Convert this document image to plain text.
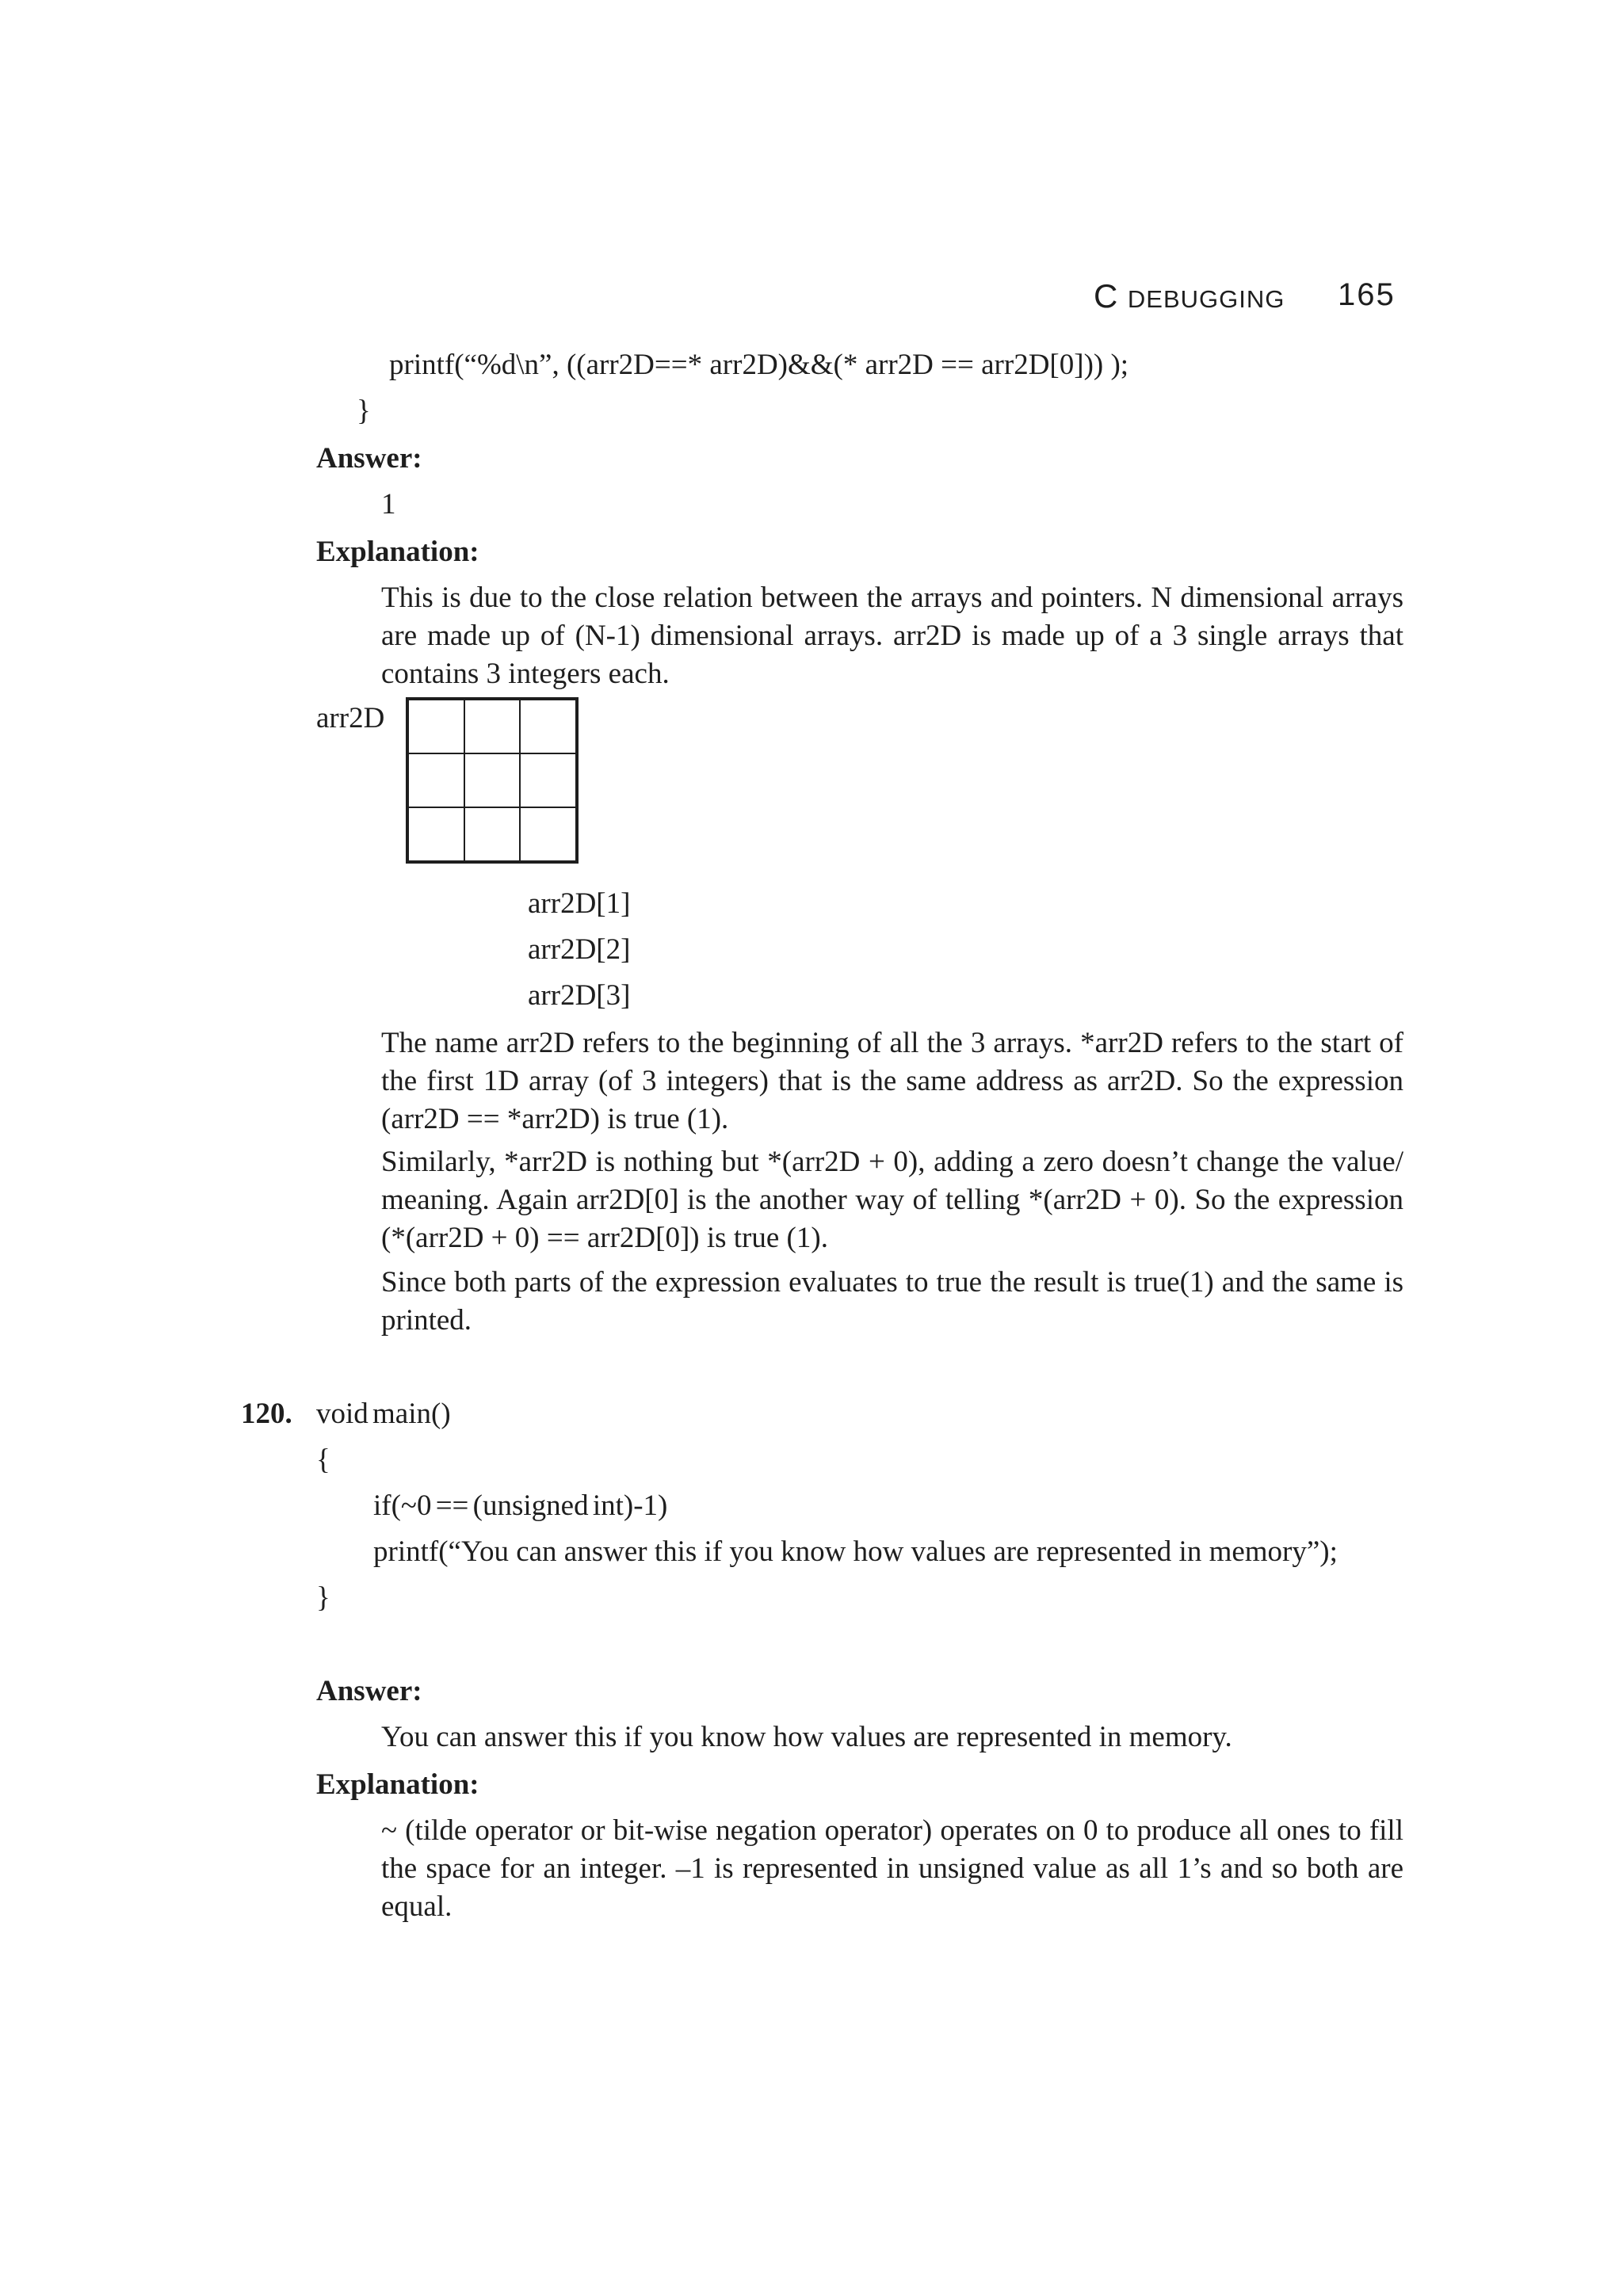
C DEBUGGING 165
printf(“%d\n”, ((arr2D==* arr2D)&&(* arr2D == arr2D[0])) );
}
Answer:
1
Explanation:
This is due to the close relation between the arrays and pointers. N dimensional arrays are made up of (N-1) dimensional arrays. arr2D is made up of a 3 single arrays that contains 3 integers each.
arr2D
arr2D[1]
arr2D[2]
arr2D[3]
The name arr2D refers to the beginning of all the 3 arrays. *arr2D refers to the start of the first 1D array (of 3 integers) that is the same address as arr2D. So the expression (arr2D == *arr2D) is true (1).
Similarly, *arr2D is nothing but *(arr2D + 0), adding a zero doesn’t change the value/ meaning. Again arr2D[0] is the another way of telling *(arr2D + 0). So the expression (*(arr2D + 0) == arr2D[0]) is true (1).
Since both parts of the expression evaluates to true the result is true(1) and the same is printed.
120. void main()
{
if(~0 == (unsigned int)-1)
printf(“You can answer this if you know how values are represented in memory”);
}
Answer:
You can answer this if you know how values are represented in memory.
Explanation:
~ (tilde operator or bit-wise negation operator) operates on 0 to produce all ones to fill the space for an integer. –1 is represented in unsigned value as all 1’s and so both are equal.
